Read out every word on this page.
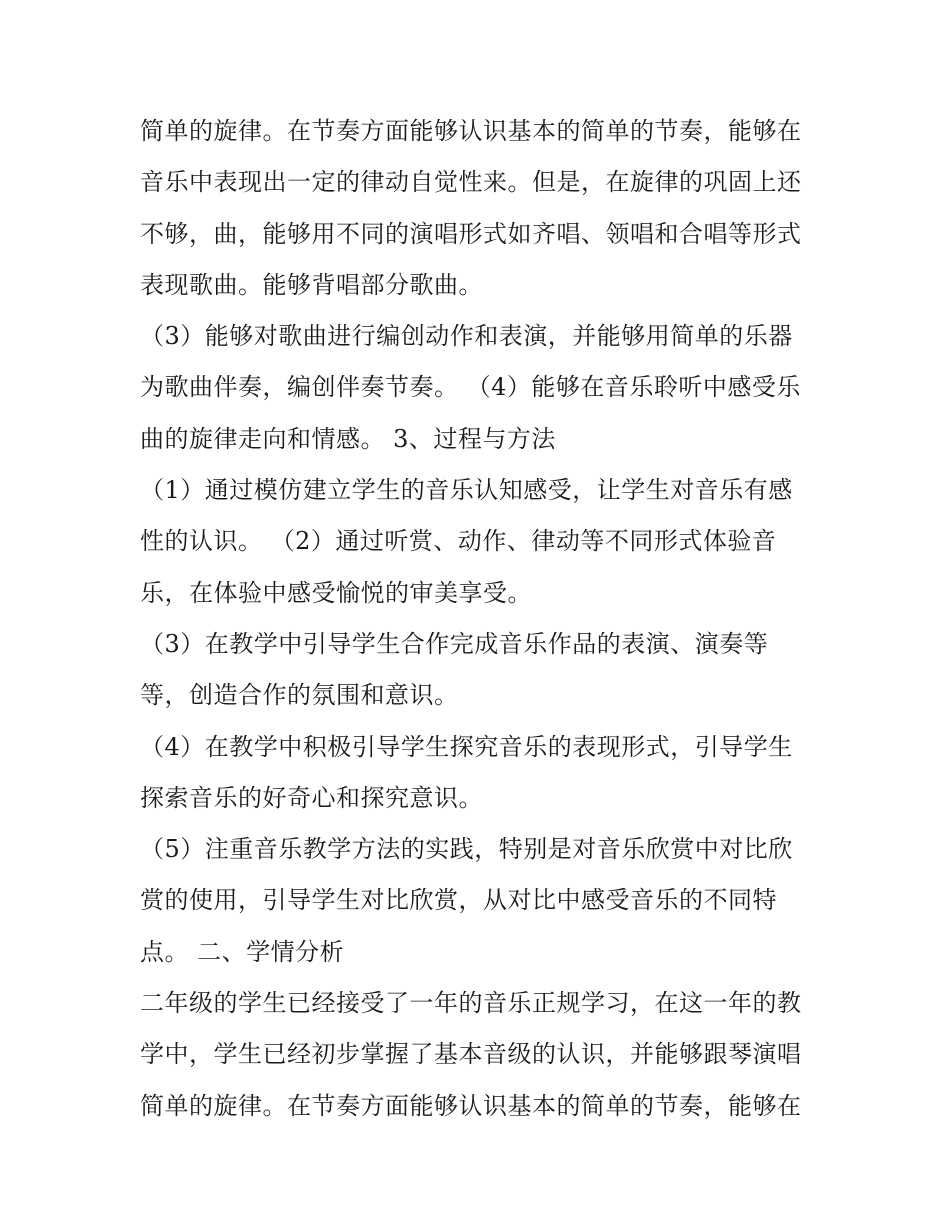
简单的旋律。在节奏方面能够认识基本的简单的节奏，能够在
音乐中表现出一定的律动自觉性来。但是，在旋律的巩固上还
不够，曲，能够用不同的演唱形式如齐唱、领唱和合唱等形式
表现歌曲。能够背唱部分歌曲。
（3）能够对歌曲进行编创动作和表演，并能够用简单的乐器
为歌曲伴奏，编创伴奏节奏。 （4）能够在音乐聆听中感受乐
曲的旋律走向和情感。 3、过程与方法
（1）通过模仿建立学生的音乐认知感受，让学生对音乐有感
性的认识。 （2）通过听赏、动作、律动等不同形式体验音
乐，在体验中感受愉悦的审美享受。
（3）在教学中引导学生合作完成音乐作品的表演、演奏等
等，创造合作的氛围和意识。
（4）在教学中积极引导学生探究音乐的表现形式，引导学生
探索音乐的好奇心和探究意识。
（5）注重音乐教学方法的实践，特别是对音乐欣赏中对比欣
赏的使用，引导学生对比欣赏，从对比中感受音乐的不同特
点。 二、学情分析
二年级的学生已经接受了一年的音乐正规学习，在这一年的教
学中，学生已经初步掌握了基本音级的认识，并能够跟琴演唱
简单的旋律。在节奏方面能够认识基本的简单的节奏，能够在
